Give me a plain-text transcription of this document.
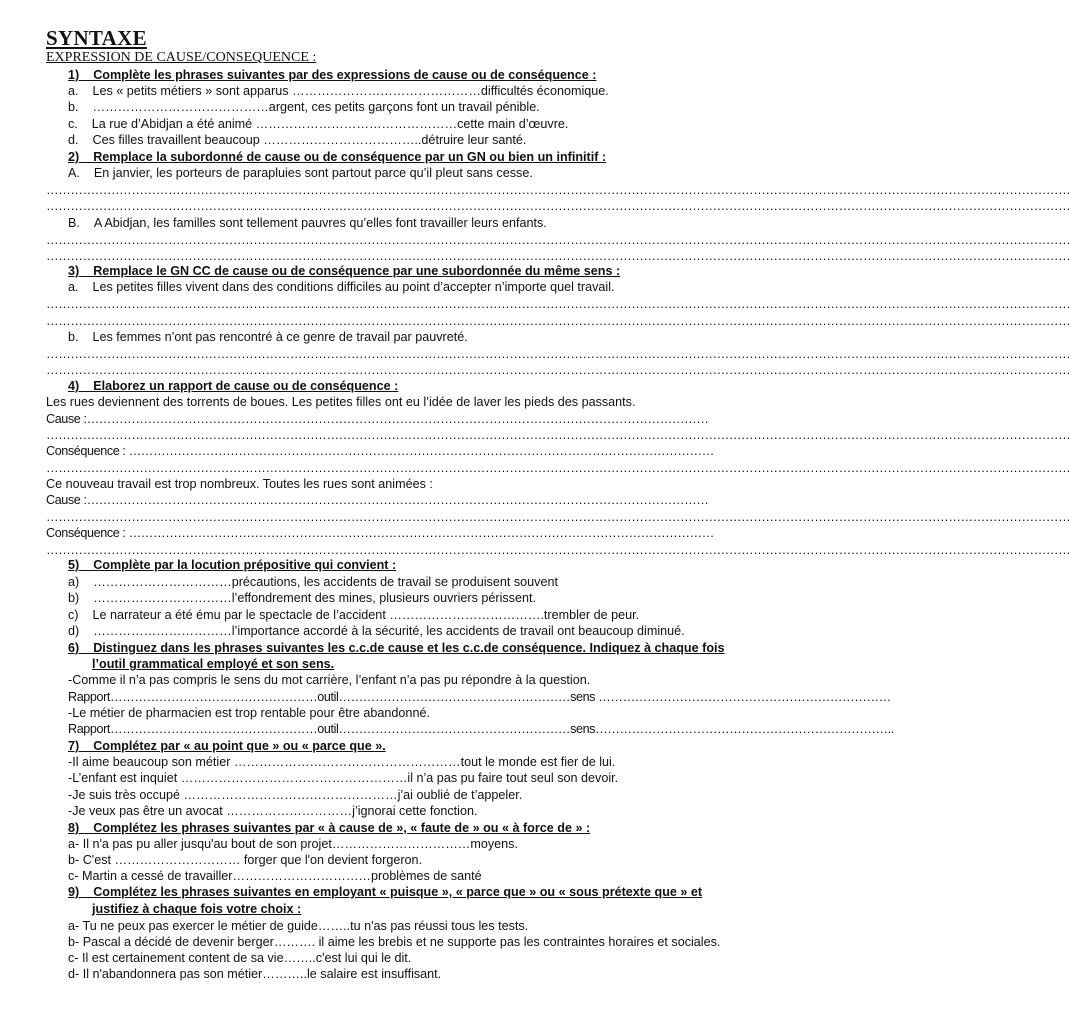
SYNTAXE
EXPRESSION DE CAUSE/CONSEQUENCE :
1)    Complète les phrases suivantes par des expressions de cause ou de conséquence :
a.    Les « petits métiers » sont apparus ………………………………………difficultés économique.
b.    ……………………………………argent, ces petits garçons font un travail pénible.
c.    La rue d’Abidjan a été animé …………………………………………cette main d’œuvre.
d.    Ces filles travaillent beaucoup ………………………………..détruire leur santé.
2)    Remplace la subordonné de cause ou de conséquence par un GN ou bien un infinitif :
A.    En janvier, les porteurs de parapluies sont partout parce qu’il pleut sans cesse.
………………………………………………………………………………………………………………………………………………………………………………………………………………………………
………………………………………………………………………………………………………………………………………………………………………………………………………………………………
B.    A Abidjan, les familles sont tellement pauvres qu’elles font travailler leurs enfants.
………………………………………………………………………………………………………………………………………………………………………………………………………………………………
………………………………………………………………………………………………………………………………………………………………………………………………………………………………
3)    Remplace le GN CC de cause ou de conséquence par une subordonnée du même sens :
a.    Les petites filles vivent dans des conditions difficiles au point d’accepter n’importe quel travail.
………………………………………………………………………………………………………………………………………………………………………………………………………………………………
………………………………………………………………………………………………………………………………………………………………………………………………………………………………
b.    Les femmes n’ont pas rencontré à ce genre de travail par pauvreté.
………………………………………………………………………………………………………………………………………………………………………………………………………………………………
………………………………………………………………………………………………………………………………………………………………………………………………………………………………
4)    Elaborez un rapport de cause ou de conséquence :
Les rues deviennent des torrents de boues. Les petites filles ont eu l’idée de laver les pieds des passants.
Cause :………………………………………………………………………………………………………………………………………
………………………………………………………………………………………………………………………………………………………………………………………………………………………………
Conséquence : ………………………………………………………………………………………………………………………………
………………………………………………………………………………………………………………………………………………………………………………………………………………………………
Ce nouveau travail est trop nombreux. Toutes les rues sont animées :
Cause :………………………………………………………………………………………………………………………………………
………………………………………………………………………………………………………………………………………………………………………………………………………………………………
Conséquence : ………………………………………………………………………………………………………………………………
………………………………………………………………………………………………………………………………………………………………………………………………………………………………
5)    Complète par la locution prépositive qui convient :
a)    ……………………………précautions, les accidents de travail se produisent souvent
b)    ……………………………l’effondrement des mines, plusieurs ouvriers périssent.
c)    Le narrateur a été ému par le spectacle de l’accident ……………………………….trembler de peur.
d)    ……………………………l’importance accordé à la sécurité, les accidents de travail ont beaucoup diminué.
6)    Distinguez dans les phrases suivantes les c.c.de cause et les c.c.de conséquence. Indiquez à chaque fois
l’outil grammatical employé et son sens.
-Comme il n’a pas compris le sens du mot carrière, l’enfant n’a pas pu répondre à la question.
Rapport……………………………………………outil…………………………………………………sens ………………………………………………………………
-Le métier de pharmacien est trop rentable pour être abandonné.
Rapport……………………………………………outil…………………………………………………sens………………………………………………………………..
7)    Complétez par « au point que » ou « parce que ».
-Il aime beaucoup son métier ………………………………………………tout le monde est fier de lui.
-L’enfant est inquiet ………………………………………………il n’a pas pu faire tout seul son devoir.
-Je suis très occupé ……………………………………………j’ai oublié de t’appeler.
-Je veux pas être un avocat …………………………j’ignorai cette fonction.
8)    Complétez les phrases suivantes par « à cause de », « faute de » ou « à force de » :
a- Il n'a pas pu aller jusqu'au bout de son projet……………………………moyens.
b- C'est ………………………… forger que l'on devient forgeron.
c- Martin a cessé de travailler……………………………problèmes de santé
9)    Complétez les phrases suivantes en employant « puisque », « parce que » ou « sous prétexte que » et
justifiez à chaque fois votre choix :
a- Tu ne peux pas exercer le métier de guide……..tu n'as pas réussi tous les tests.
b- Pascal a décidé de devenir berger………. il aime les brebis et ne supporte pas les contraintes horaires et sociales.
c- Il est certainement content de sa vie……..c'est lui qui le dit.
d- Il n'abandonnera pas son métier………..le salaire est insuffisant.
